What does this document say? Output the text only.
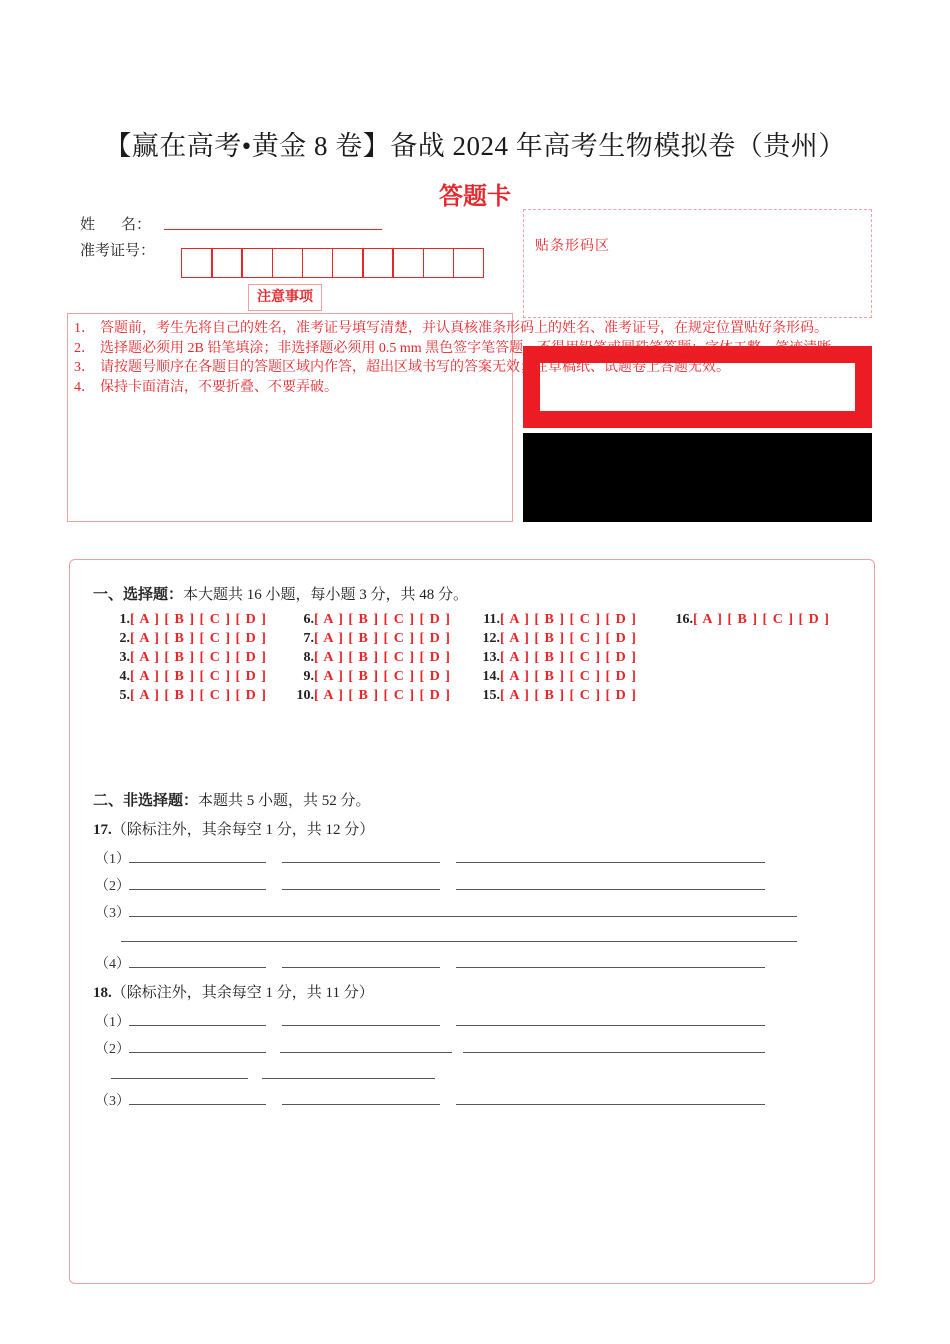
【赢在高考•黄金 8 卷】备战 2024 年高考生物模拟卷（贵州）
答题卡
姓 名：
准考证号：
注意事项
贴条形码区
1． 答题前，考生先将自己的姓名，准考证号填写清楚，并认真核准条形码上的姓名、准考证号，在规定位置贴好条形码。
2． 选择题必须用 2B 铅笔填涂；非选择题必须用 0.5 mm 黑色签字笔答题，不得用铅笔或圆珠笔答题；字体工整、笔迹清晰。
3． 请按题号顺序在各题目的答题区域内作答，超出区域书写的答案无效；在草稿纸、试题卷上答题无效。
4． 保持卡面清洁，不要折叠、不要弄破。
一、选择题：本大题共 16 小题，每小题 3 分，共 48 分。
1.[ A ] [ B ] [ C ] [ D ]
2.[ A ] [ B ] [ C ] [ D ]
3.[ A ] [ B ] [ C ] [ D ]
4.[ A ] [ B ] [ C ] [ D ]
5.[ A ] [ B ] [ C ] [ D ]
6.[ A ] [ B ] [ C ] [ D ]
7.[ A ] [ B ] [ C ] [ D ]
8.[ A ] [ B ] [ C ] [ D ]
9.[ A ] [ B ] [ C ] [ D ]
10.[ A ] [ B ] [ C ] [ D ]
11.[ A ] [ B ] [ C ] [ D ]
12.[ A ] [ B ] [ C ] [ D ]
13.[ A ] [ B ] [ C ] [ D ]
14.[ A ] [ B ] [ C ] [ D ]
15.[ A ] [ B ] [ C ] [ D ]
16.[ A ] [ B ] [ C ] [ D ]
二、非选择题：本题共 5 小题，共 52 分。
17.（除标注外，其余每空 1 分，共 12 分）
（1）
（2）
（3）
（4）
18.（除标注外，其余每空 1 分，共 11 分）
（1）
（2）
（3）
